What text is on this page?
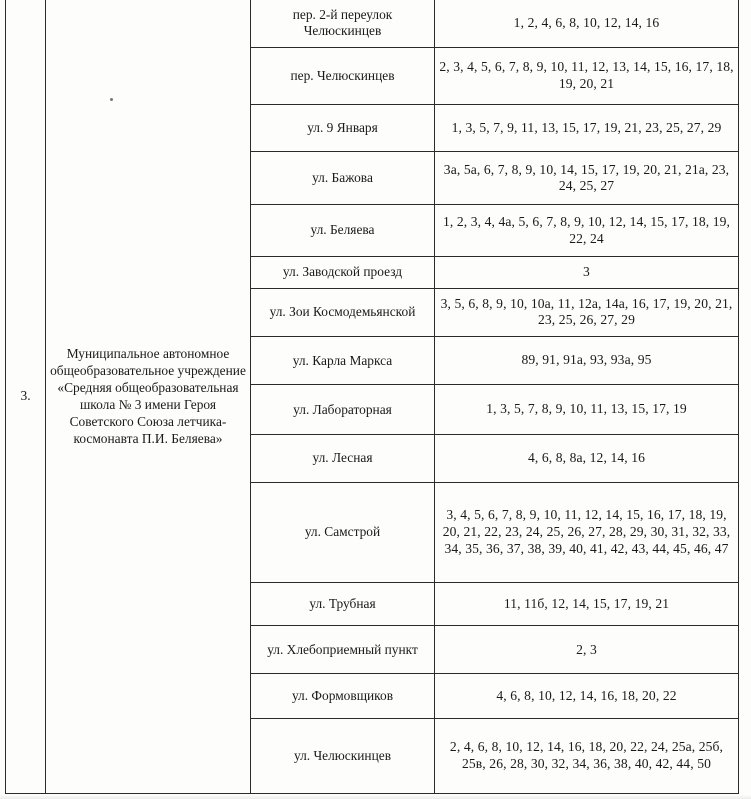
3.	Муниципальное автономное общеобразовательное учреждение «Средняя общеобразовательная школа № 3 имени Героя Советского Союза летчика-космонавта П.И. Беляева»	пер. 2-й переулок Челюскинцев	1, 2, 4, 6, 8, 10, 12, 14, 16
		пер. Челюскинцев	2, 3, 4, 5, 6, 7, 8, 9, 10, 11, 12, 13, 14, 15, 16, 17, 18, 19, 20, 21
		ул. 9 Января	1, 3, 5, 7, 9, 11, 13, 15, 17, 19, 21, 23, 25, 27, 29
		ул. Бажова	3а, 5а, 6, 7, 8, 9, 10, 14, 15, 17, 19, 20, 21, 21а, 23, 24, 25, 27
		ул. Беляева	1, 2, 3, 4, 4а, 5, 6, 7, 8, 9, 10, 12, 14, 15, 17, 18, 19, 22, 24
		ул. Заводской проезд	3
		ул. Зои Космодемьянской	3, 5, 6, 8, 9, 10, 10а, 11, 12а, 14а, 16, 17, 19, 20, 21, 23, 25, 26, 27, 29
		ул. Карла Маркса	89, 91, 91а, 93, 93а, 95
		ул. Лабораторная	1, 3, 5, 7, 8, 9, 10, 11, 13, 15, 17, 19
		ул. Лесная	4, 6, 8, 8а, 12, 14, 16
		ул. Самстрой	3, 4, 5, 6, 7, 8, 9, 10, 11, 12, 14, 15, 16, 17, 18, 19, 20, 21, 22, 23, 24, 25, 26, 27, 28, 29, 30, 31, 32, 33, 34, 35, 36, 37, 38, 39, 40, 41, 42, 43, 44, 45, 46, 47
		ул. Трубная	11, 11б, 12, 14, 15, 17, 19, 21
		ул. Хлебоприемный пункт	2, 3
		ул. Формовщиков	4, 6, 8, 10, 12, 14, 16, 18, 20, 22
		ул. Челюскинцев	2, 4, 6, 8, 10, 12, 14, 16, 18, 20, 22, 24, 25а, 25б, 25в, 26, 28, 30, 32, 34, 36, 38, 40, 42, 44, 50
